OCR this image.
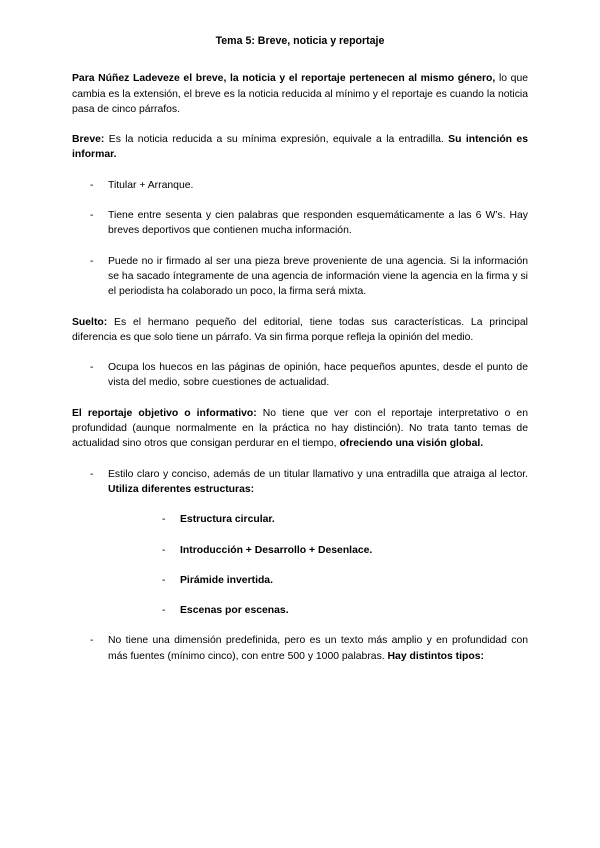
Tema 5: Breve, noticia y reportaje

Para Núñez Ladeveze el breve, la noticia y el reportaje pertenecen al mismo género, lo que cambia es la extensión, el breve es la noticia reducida al mínimo y el reportaje es cuando la noticia pasa de cinco párrafos.

Breve: Es la noticia reducida a su mínima expresión, equivale a la entradilla. Su intención es informar.

- Titular + Arranque.
- Tiene entre sesenta y cien palabras que responden esquemáticamente a las 6 W’s. Hay breves deportivos que contienen mucha información.
- Puede no ir firmado al ser una pieza breve proveniente de una agencia. Si la información se ha sacado íntegramente de una agencia de información viene la agencia en la firma y si el periodista ha colaborado un poco, la firma será mixta.

Suelto: Es el hermano pequeño del editorial, tiene todas sus características. La principal diferencia es que solo tiene un párrafo. Va sin firma porque refleja la opinión del medio.

- Ocupa los huecos en las páginas de opinión, hace pequeños apuntes, desde el punto de vista del medio, sobre cuestiones de actualidad.

El reportaje objetivo o informativo: No tiene que ver con el reportaje interpretativo o en profundidad (aunque normalmente en la práctica no hay distinción). No trata tanto temas de actualidad sino otros que consigan perdurar en el tiempo, ofreciendo una visión global.

- Estilo claro y conciso, además de un titular llamativo y una entradilla que atraiga al lector. Utiliza diferentes estructuras:
- Estructura circular.
- Introducción + Desarrollo + Desenlace.
- Pirámide invertida.
- Escenas por escenas.
- No tiene una dimensión predefinida, pero es un texto más amplio y en profundidad con más fuentes (mínimo cinco), con entre 500 y 1000 palabras. Hay distintos tipos:
